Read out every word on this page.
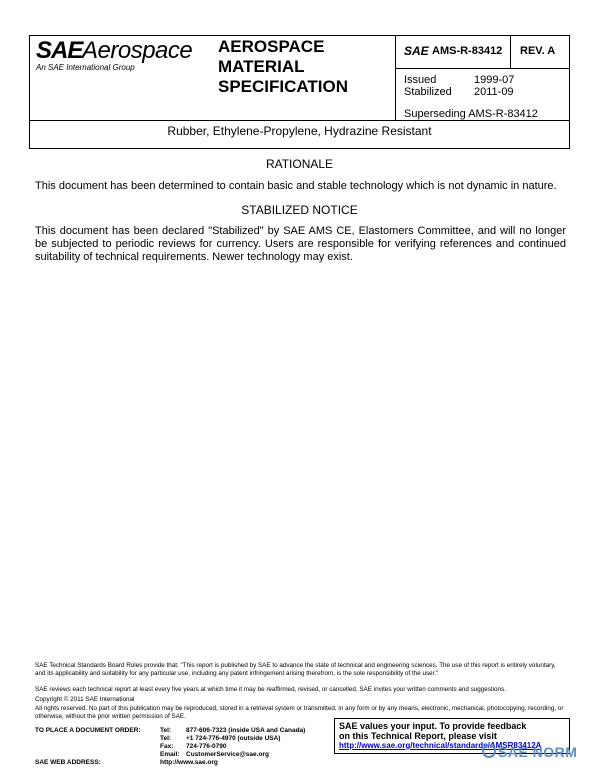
SAE Aerospace
An SAE International Group
AEROSPACE
MATERIAL
SPECIFICATION
SAE AMS-R-83412 REV. A
Issued	1999-07
Stabilized 2011-09
Superseding AMS-R-83412
Rubber, Ethylene-Propylene, Hydrazine Resistant
RATIONALE
This document has been determined to contain basic and stable technology which is not dynamic in nature.
STABILIZED NOTICE
This document has been declared "Stabilized" by SAE AMS CE, Elastomers Committee, and will no longer be subjected to periodic reviews for currency. Users are responsible for verifying references and continued suitability of technical requirements. Newer technology may exist.
SAE Technical Standards Board Rules provide that: "This report is published by SAE to advance the state of technical and engineering sciences. The use of this report is entirely voluntary, and its applicability and suitability for any particular use, including any patent infringement arising therefrom, is the sole responsibility of the user."
SAE reviews each technical report at least every five years at which time it may be reaffirmed, revised, or cancelled. SAE invites your written comments and suggestions.
Copyright © 2011 SAE International
All rights reserved. No part of this publication may be reproduced, stored in a retrieval system or transmitted, in any form or by any means, electronic, mechanical, photocopying, recording, or otherwise, without the prior written permission of SAE.
TO PLACE A DOCUMENT ORDER:	Tel: 877-606-7323 (inside USA and Canada)
Tel: +1 724-776-4970 (outside USA)
Fax: 724-776-0790
Email: CustomerService@sae.org
SAE WEB ADDRESS:	http://www.sae.org
SAE values your input. To provide feedback
on this Technical Report, please visit
http://www.sae.org/technical/standards/AMSR83412A
SAE NORM
